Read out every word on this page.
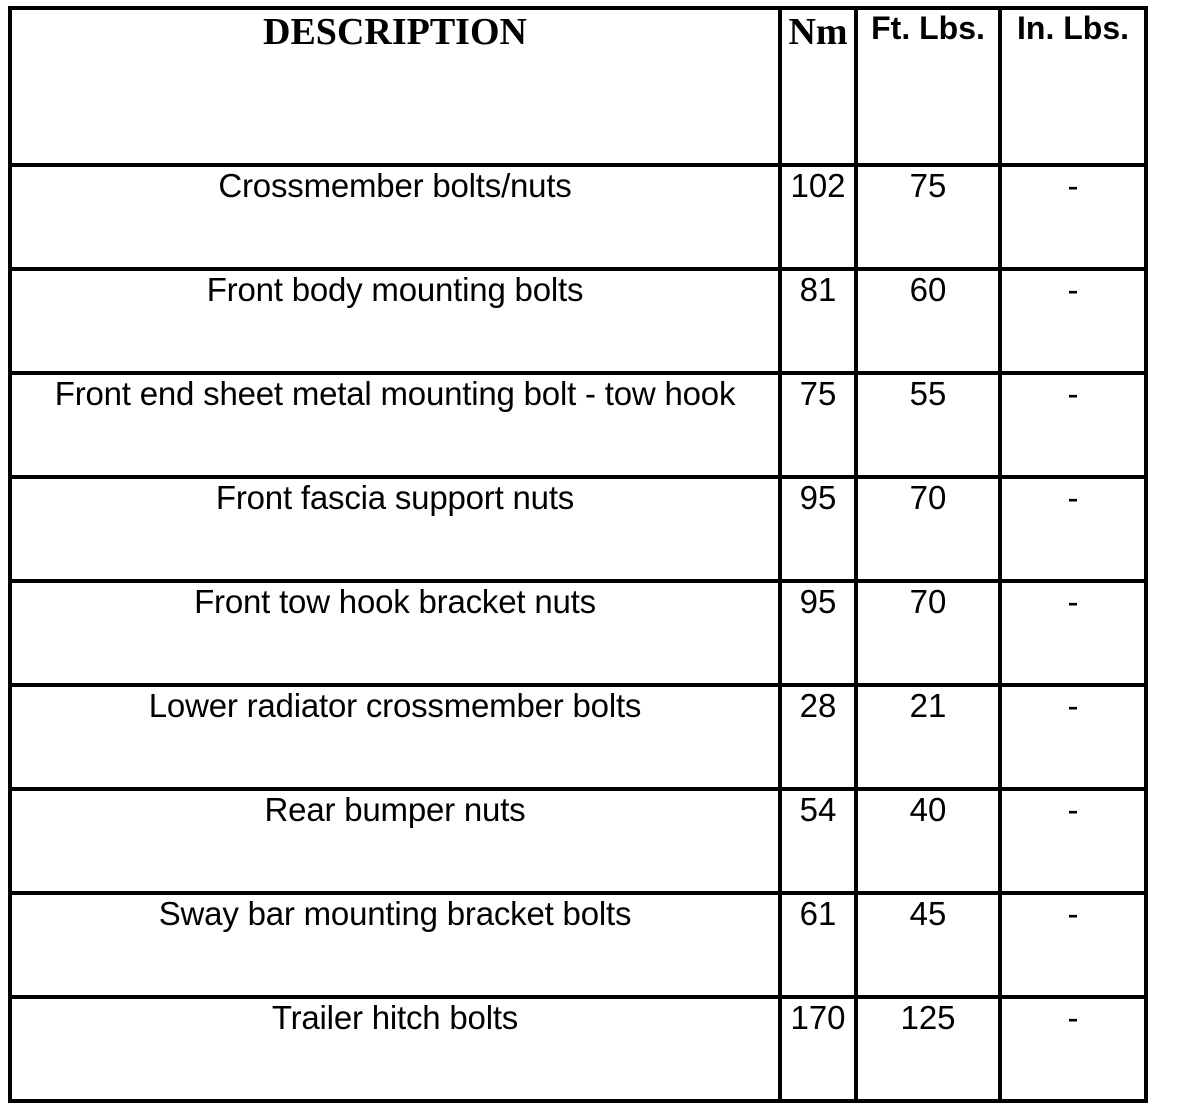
DESCRIPTION	Nm	Ft. Lbs.	In. Lbs.
Crossmember bolts/nuts	102	75	-
Front body mounting bolts	81	60	-
Front end sheet metal mounting bolt - tow hook	75	55	-
Front fascia support nuts	95	70	-
Front tow hook bracket nuts	95	70	-
Lower radiator crossmember bolts	28	21	-
Rear bumper nuts	54	40	-
Sway bar mounting bracket bolts	61	45	-
Trailer hitch bolts	170	125	-
